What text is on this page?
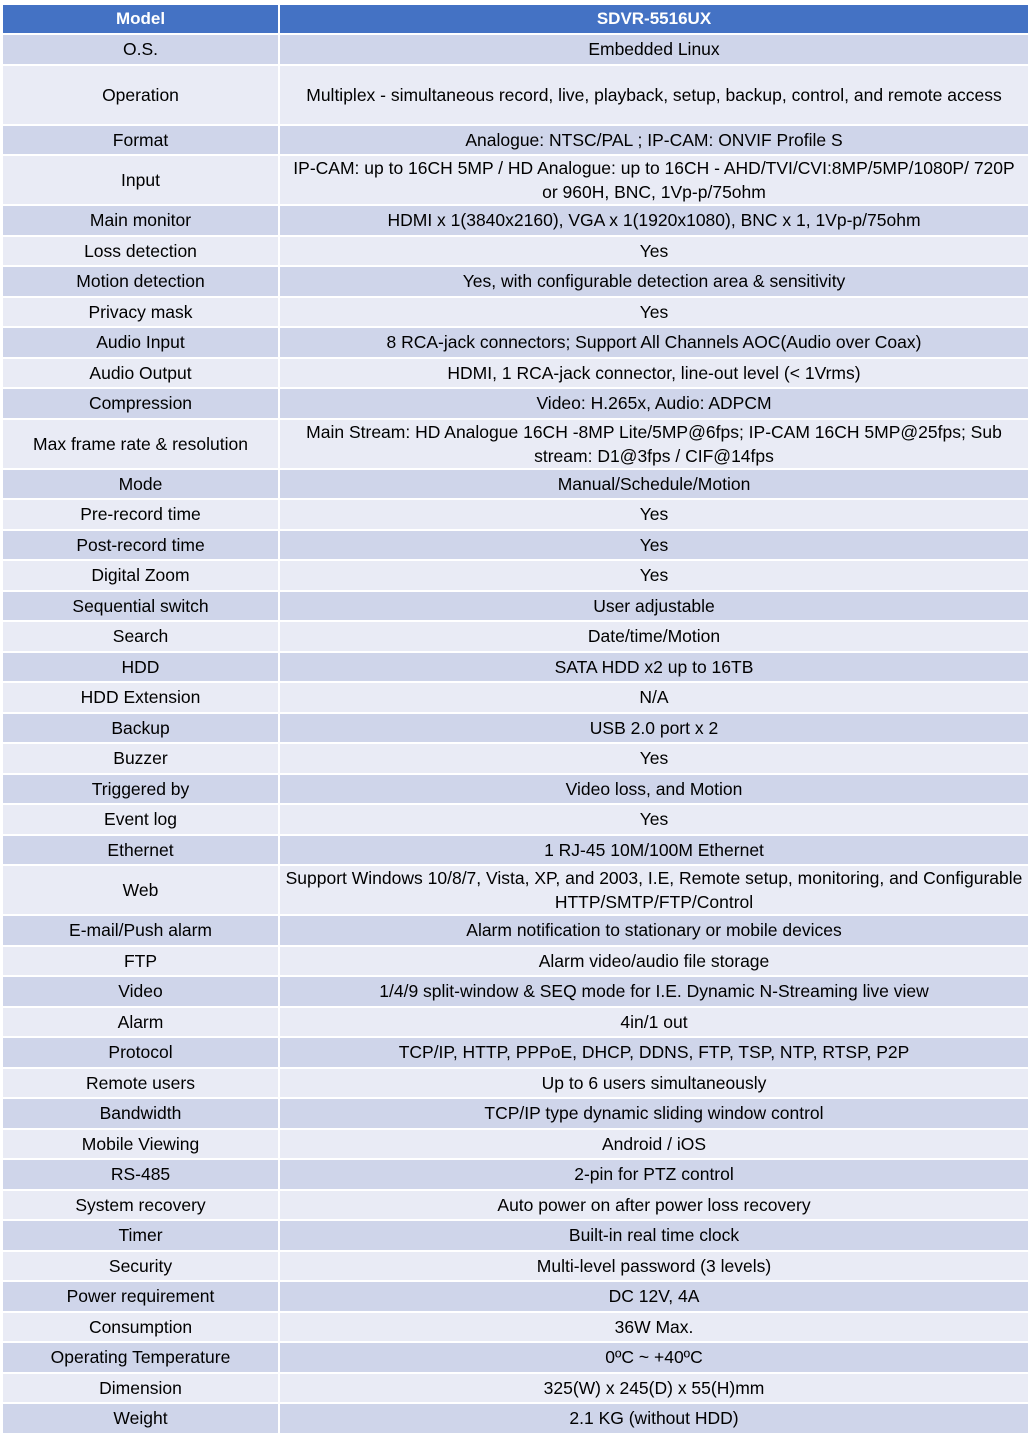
Model	SDVR-5516UX
O.S.	Embedded Linux
Operation	Multiplex - simultaneous record, live, playback, setup, backup, control, and remote access
Format	Analogue: NTSC/PAL ; IP-CAM: ONVIF Profile S
Input	IP-CAM: up to 16CH 5MP / HD Analogue: up to 16CH - AHD/TVI/CVI:8MP/5MP/1080P/ 720P or 960H, BNC, 1Vp-p/75ohm
Main monitor	HDMI x 1(3840x2160), VGA x 1(1920x1080), BNC x 1, 1Vp-p/75ohm
Loss detection	Yes
Motion detection	Yes, with configurable detection area & sensitivity
Privacy mask	Yes
Audio Input	8 RCA-jack connectors; Support All Channels AOC(Audio over Coax)
Audio Output	HDMI, 1 RCA-jack connector, line-out level (< 1Vrms)
Compression	Video: H.265x, Audio: ADPCM
Max frame rate & resolution	Main Stream: HD Analogue 16CH -8MP Lite/5MP@6fps; IP-CAM 16CH 5MP@25fps; Sub stream: D1@3fps / CIF@14fps
Mode	Manual/Schedule/Motion
Pre-record time	Yes
Post-record time	Yes
Digital Zoom	Yes
Sequential switch	User adjustable
Search	Date/time/Motion
HDD	SATA HDD x2 up to 16TB
HDD Extension	N/A
Backup	USB 2.0 port x 2
Buzzer	Yes
Triggered by	Video loss, and Motion
Event log	Yes
Ethernet	1 RJ-45 10M/100M Ethernet
Web	Support Windows 10/8/7, Vista, XP, and 2003, I.E, Remote setup, monitoring, and Configurable HTTP/SMTP/FTP/Control
E-mail/Push alarm	Alarm notification to stationary or mobile devices
FTP	Alarm video/audio file storage
Video	1/4/9 split-window & SEQ mode for I.E. Dynamic N-Streaming live view
Alarm	4in/1 out
Protocol	TCP/IP, HTTP, PPPoE, DHCP, DDNS, FTP, TSP, NTP, RTSP, P2P
Remote users	Up to 6 users simultaneously
Bandwidth	TCP/IP type dynamic sliding window control
Mobile Viewing	Android / iOS
RS-485	2-pin for PTZ control
System recovery	Auto power on after power loss recovery
Timer	Built-in real time clock
Security	Multi-level password (3 levels)
Power requirement	DC 12V, 4A
Consumption	36W Max.
Operating Temperature	0ºC ~ +40ºC
Dimension	325(W) x 245(D) x 55(H)mm
Weight	2.1 KG (without HDD)
